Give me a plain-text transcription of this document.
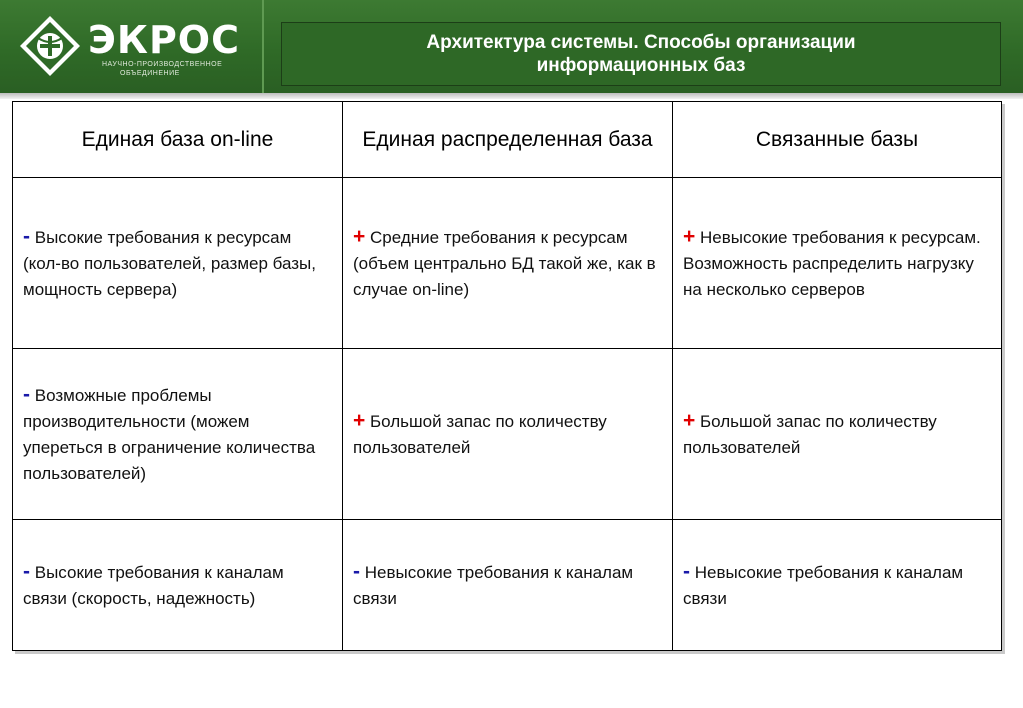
ЭКРОС
НАУЧНО-ПРОИЗВОДСТВЕННОЕ
ОБЪЕДИНЕНИЕ
Архитектура системы. Способы организации
информационных баз
Единая база on-line	Единая распределенная база	Связанные базы
- Высокие требования к ресурсам (кол-во пользователей, размер базы, мощность сервера)	+ Средние требования к ресурсам (объем центрально БД такой же, как в случае on-line)	+ Невысокие требования к ресурсам. Возможность распределить нагрузку на несколько серверов
- Возможные проблемы производительности (можем упереться в ограничение количества пользователей)	+ Большой запас по количеству пользователей	+ Большой запас по количеству пользователей
- Высокие требования к каналам связи (скорость, надежность)	- Невысокие требования к каналам связи	- Невысокие требования к каналам связи
